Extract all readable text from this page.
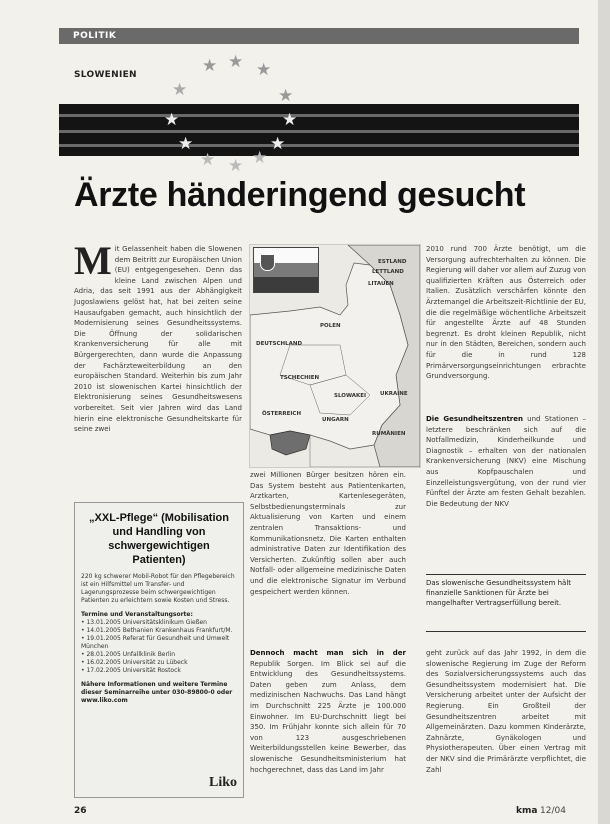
POLITIK
SLOWENIEN	★ ★ ★
★	★
★	★
★	★
★ ★ ★
Ärzte händeringend gesucht
M it Gelassenheit haben die Slowenen dem Beitritt zur Europäischen Union (EU) entgegengesehen. Denn das kleine Land zwischen Alpen und Adria, das seit 1991 aus der Abhängigkeit Jugoslawiens gelöst hat, hat bei zeiten seine Hausaufgaben gemacht, auch hinsichtlich der Modernisierung seines Gesundheitssystems. Die Öffnung der solidarischen Krankenversicherung für alle mit Bürgergerechten, dann wurde die Anpassung der Fachärzteweiterbildung an den europäischen Standard. Weiterhin bis zum Jahr 2010 ist slowenischen Kartei hinsichtlich der Elektronisierung seines Gesundheitswesens vorbereitet. Seit vier Jahren wird das Land hierin eine elektronische Gesundheitskarte für seine zwei
ESTLAND
LETTLAND
LITAUEN
DEUTSCHLAND
POLEN
TSCHECHIEN
SLOWAKEI
ÖSTERREICH
UNGARN
UKRAINE
RUMÄNIEN
zwei Millionen Bürger besitzen hören ein. Das System besteht aus Patientenkarten, Arztkarten, Kartenlesegeräten, Selbstbedienungsterminals zur Aktualisierung von Karten und einem zentralen Transaktions- und Kommunikationsnetz. Die Karten enthalten administrative Daten zur Identifikation des Versicherten. Zukünftig sollen aber auch Notfall- oder allgemeine medizinische Daten und die elektronische Signatur im Verbund gespeichert werden können.
Dennoch macht man sich in der Republik Sorgen. Im Blick sei auf die Entwicklung des Gesundheitssystems. Daten geben zum Anlass, dem medizinischen Nachwuchs. Das Land hängt im Durchschnitt 225 Ärzte je 100.000 Einwohner. Im EU-Durchschnitt liegt bei 350. Im Frühjahr konnte sich allein für 70 von 123 ausgeschriebenen Weiterbildungsstellen keine Bewerber, das slowenische Gesundheitsministerium hat hochgerechnet, dass das Land im Jahr
2010 rund 700 Ärzte benötigt, um die Versorgung aufrechterhalten zu können. Die Regierung will daher vor allem auf Zuzug von qualifizierten Kräften aus Österreich oder Italien. Zusätzlich verschärfen könnte den Ärztemangel die Arbeitszeit-Richtlinie der EU, die die regelmäßige wöchentliche Arbeitszeit für angestellte Ärzte auf 48 Stunden begrenzt. Es droht kleinen Republik, nicht nur in den Städten, Bereichen, sondern auch für die in rund 128 Primärversorgungseinrichtungen erbrachte Grundversorgung.
Die Gesundheitszentren und Stationen – letztere beschränken sich auf die Notfallmedizin, Kinderheilkunde und Diagnostik – erhalten von der nationalen Krankenversicherung (NKV) eine Mischung aus Kopfpauschalen und Einzelleistungsvergütung, von der rund vier Fünftel der Ärzte am festen Gehalt bezahlen. Die Bedeutung der NKV
Das slowenische Gesundheitssystem hält finanzielle Sanktionen für Ärzte bei mangelhafter Vertragserfüllung bereit.
geht zurück auf das Jahr 1992, in dem die slowenische Regierung im Zuge der Reform des Sozialversicherungssystems auch das Gesundheitssystem modernisiert hat. Die Versicherung arbeitet unter der Aufsicht der Regierung. Ein Großteil der Gesundheitszentren arbeitet mit Allgemeinärzten. Dazu kommen Kinderärzte, Zahnärzte, Gynäkologen und Physiotherapeuten. Über einen Vertrag mit der NKV sind die Primärärzte verpflichtet, die Zahl
„XXL-Pflege“ (Mobilisation und Handling von schwergewichtigen Patienten)
220 kg schwerer Mobil-Robot für den Pflegebereich ist ein Hilfsmittel um Transfer- und Lagerungsprozesse beim schwergewichtigen Patienten zu erleichtern sowie Kosten und Stress.
Termine und Veranstaltungsorte:
• 13.01.2005 Universitätsklinikum Gießen
• 14.01.2005 Bethanien Krankenhaus Frankfurt/M.
• 19.01.2005 Referat für Gesundheit und Umwelt München
• 28.01.2005 Unfallklinik Berlin
• 16.02.2005 Universität zu Lübeck
• 17.02.2005 Universität Rostock
Nähere Informationen und weitere Termine dieser Seminarreihe unter 030-89800-0 oder www.liko.com
Liko
26	kma 12/04
